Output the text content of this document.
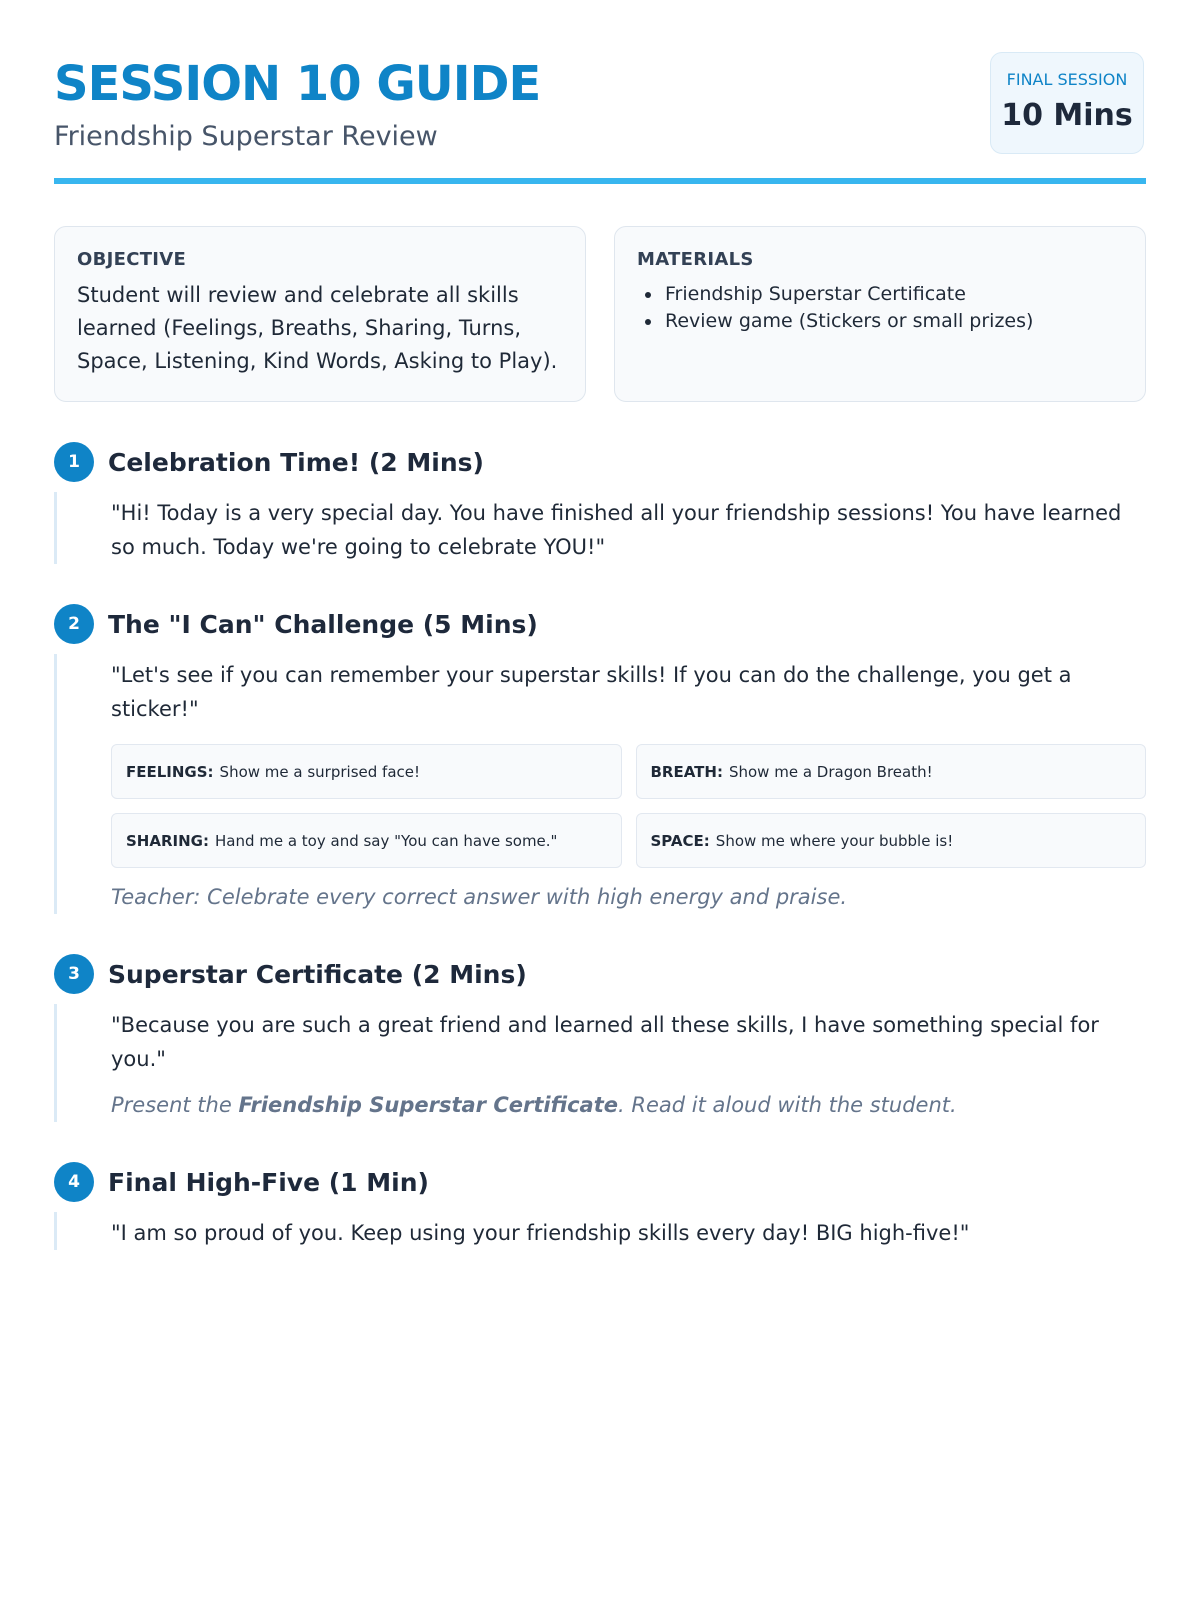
SESSION 10 GUIDE
Friendship Superstar Review
FINAL SESSION
10 Mins
OBJECTIVE
Student will review and celebrate all skills learned (Feelings, Breaths, Sharing, Turns, Space, Listening, Kind Words, Asking to Play).
MATERIALS
• Friendship Superstar Certificate
• Review game (Stickers or small prizes)
1	Celebration Time! (2 Mins)
"Hi! Today is a very special day. You have finished all your friendship sessions! You have learned so much. Today we're going to celebrate YOU!"
2	The "I Can" Challenge (5 Mins)
"Let's see if you can remember your superstar skills! If you can do the challenge, you get a sticker!"
FEELINGS: Show me a surprised face!	BREATH: Show me a Dragon Breath!
SHARING: Hand me a toy and say "You can have some."	SPACE: Show me where your bubble is!
Teacher: Celebrate every correct answer with high energy and praise.
3	Superstar Certificate (2 Mins)
"Because you are such a great friend and learned all these skills, I have something special for you."
Present the Friendship Superstar Certificate. Read it aloud with the student.
4	Final High-Five (1 Min)
"I am so proud of you. Keep using your friendship skills every day! BIG high-five!"
